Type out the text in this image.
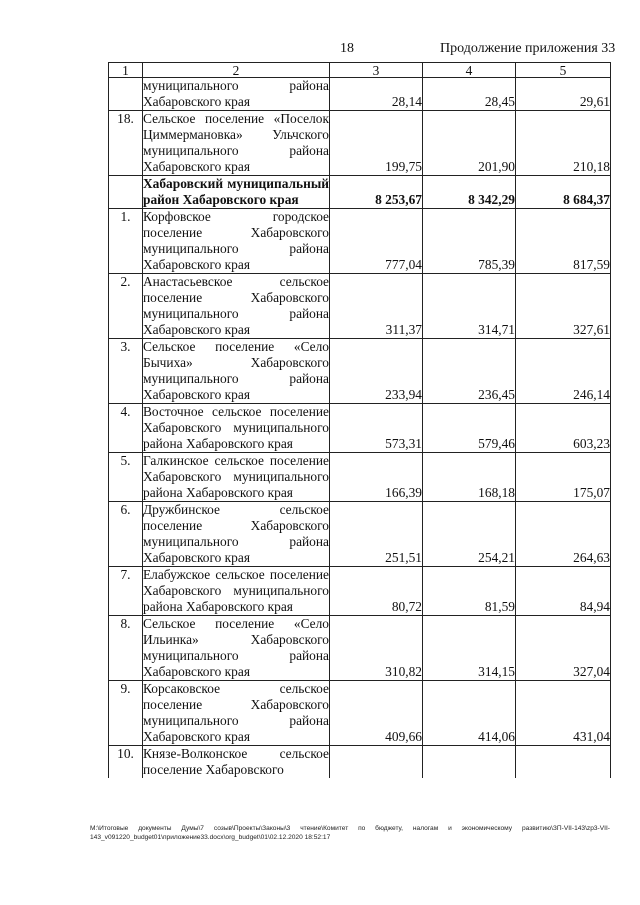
18	Продолжение приложения 33
1	2	3	4	5
	муниципального района Хабаровского края	28,14	28,45	29,61
18.	Сельское поселение «Поселок Циммермановка» Ульчского муниципального района Хабаровского края	199,75	201,90	210,18
	Хабаровский муниципальный район Хабаровского края	8 253,67	8 342,29	8 684,37
1.	Корфовское городское поселение Хабаровского муниципального района Хабаровского края	777,04	785,39	817,59
2.	Анастасьевское сельское поселение Хабаровского муниципального района Хабаровского края	311,37	314,71	327,61
3.	Сельское поселение «Село Бычиха» Хабаровского муниципального района Хабаровского края	233,94	236,45	246,14
4.	Восточное сельское поселение Хабаровского муниципального района Хабаровского края	573,31	579,46	603,23
5.	Галкинское сельское поселение Хабаровского муниципального района Хабаровского края	166,39	168,18	175,07
6.	Дружбинское сельское поселение Хабаровского муниципального района Хабаровского края	251,51	254,21	264,63
7.	Елабужское сельское поселение Хабаровского муниципального района Хабаровского края	80,72	81,59	84,94
8.	Сельское поселение «Село Ильинка» Хабаровского муниципального района Хабаровского края	310,82	314,15	327,04
9.	Корсаковское сельское поселение Хабаровского муниципального района Хабаровского края	409,66	414,06	431,04
10.	Князе-Волконское сельское поселение Хабаровского			
M:\Итоговые документы Думы\7 созыв\Проекты\Законы\3 чтение\Комитет по бюджету, налогам и экономическому развитию\ЗП-VII-143\zp3-VII-143_v091220_budget01\приложение33.docx\org_budget\01\02.12.2020 18:52:17
